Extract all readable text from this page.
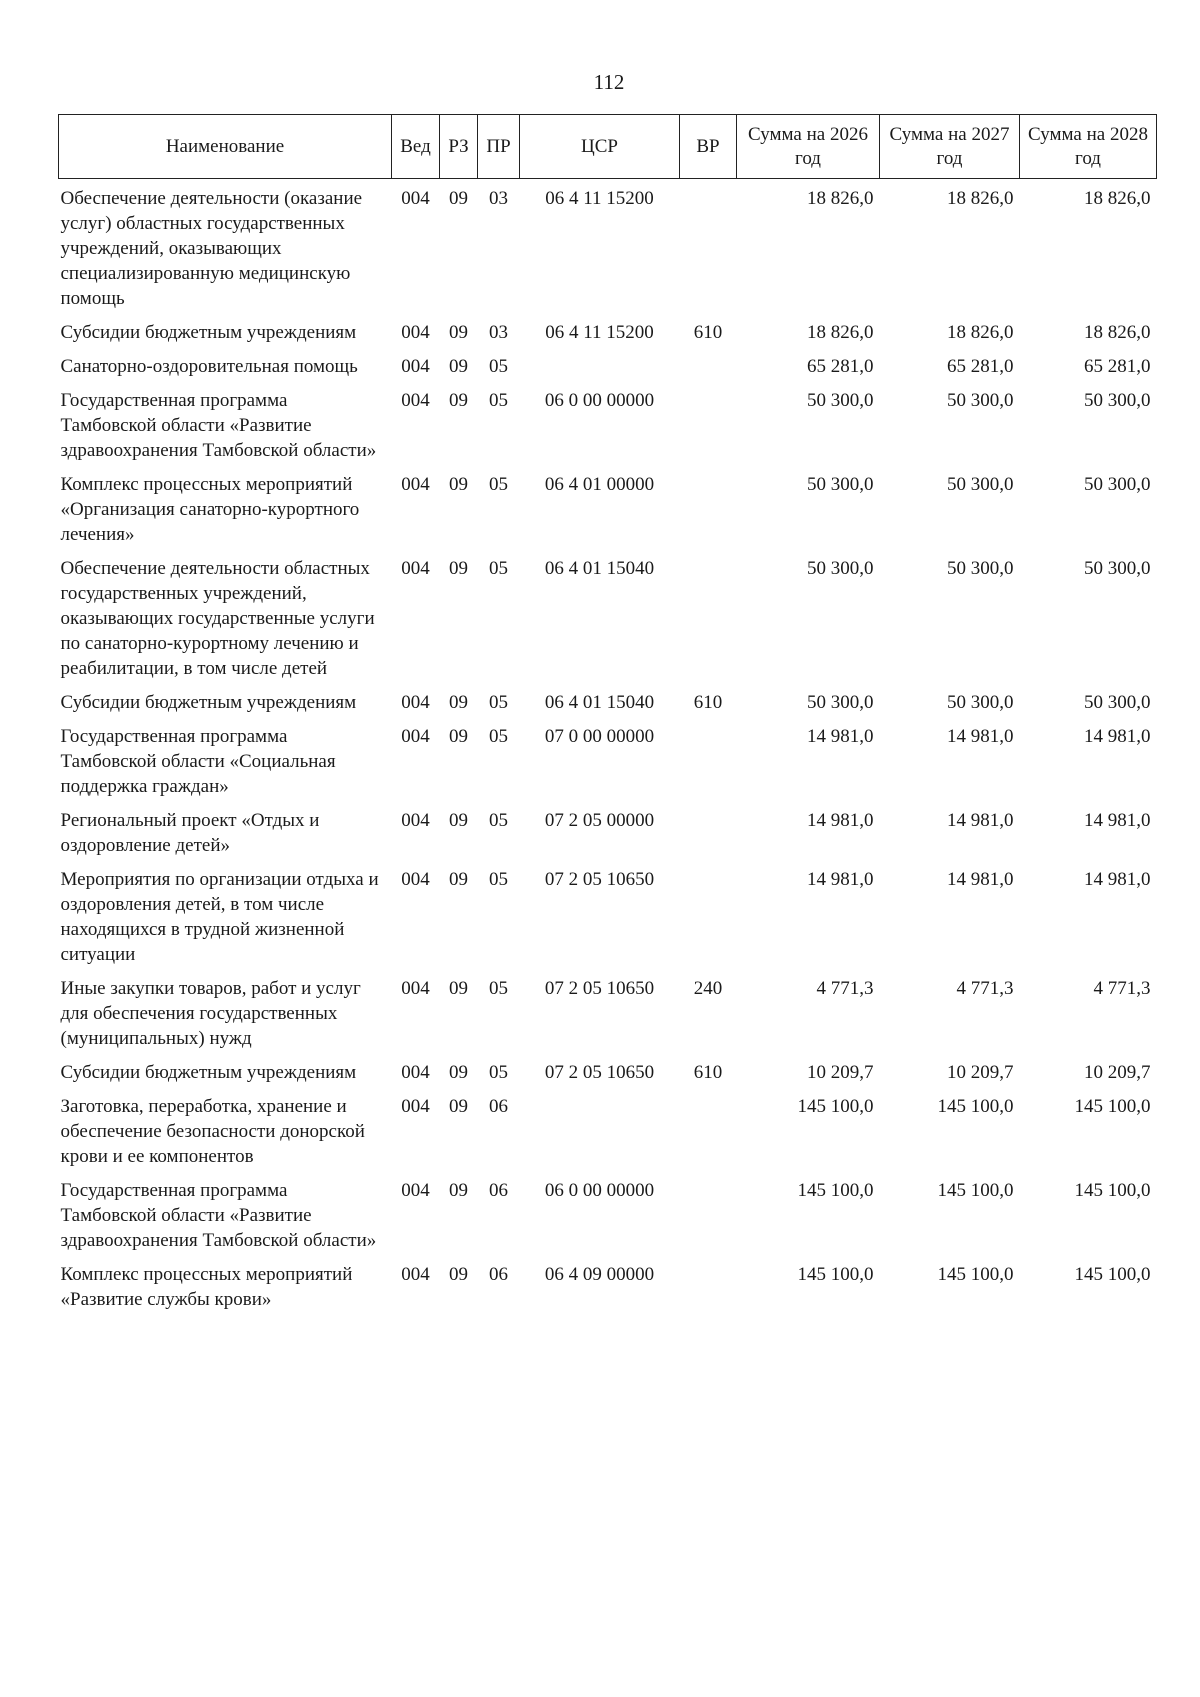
112
Наименование	Вед	РЗ	ПР	ЦСР	ВР	Сумма на 2026 год	Сумма на 2027 год	Сумма на 2028 год
Обеспечение деятельности (оказание услуг) областных государственных учреждений, оказывающих специализированную медицинскую помощь	004	09	03	06 4 11 15200		18 826,0	18 826,0	18 826,0
Субсидии бюджетным учреждениям	004	09	03	06 4 11 15200	610	18 826,0	18 826,0	18 826,0
Санаторно-оздоровительная помощь	004	09	05			65 281,0	65 281,0	65 281,0
Государственная программа Тамбовской области «Развитие здравоохранения Тамбовской области»	004	09	05	06 0 00 00000		50 300,0	50 300,0	50 300,0
Комплекс процессных мероприятий «Организация санаторно-курортного лечения»	004	09	05	06 4 01 00000		50 300,0	50 300,0	50 300,0
Обеспечение деятельности областных государственных учреждений, оказывающих государственные услуги по санаторно-курортному лечению и реабилитации, в том числе детей	004	09	05	06 4 01 15040		50 300,0	50 300,0	50 300,0
Субсидии бюджетным учреждениям	004	09	05	06 4 01 15040	610	50 300,0	50 300,0	50 300,0
Государственная программа Тамбовской области «Социальная поддержка граждан»	004	09	05	07 0 00 00000		14 981,0	14 981,0	14 981,0
Региональный проект «Отдых и оздоровление детей»	004	09	05	07 2 05 00000		14 981,0	14 981,0	14 981,0
Мероприятия по организации отдыха и оздоровления детей, в том числе находящихся в трудной жизненной ситуации	004	09	05	07 2 05 10650		14 981,0	14 981,0	14 981,0
Иные закупки товаров, работ и услуг для обеспечения государственных (муниципальных) нужд	004	09	05	07 2 05 10650	240	4 771,3	4 771,3	4 771,3
Субсидии бюджетным учреждениям	004	09	05	07 2 05 10650	610	10 209,7	10 209,7	10 209,7
Заготовка, переработка, хранение и обеспечение безопасности донорской крови и ее компонентов	004	09	06			145 100,0	145 100,0	145 100,0
Государственная программа Тамбовской области «Развитие здравоохранения Тамбовской области»	004	09	06	06 0 00 00000		145 100,0	145 100,0	145 100,0
Комплекс процессных мероприятий «Развитие службы крови»	004	09	06	06 4 09 00000		145 100,0	145 100,0	145 100,0
